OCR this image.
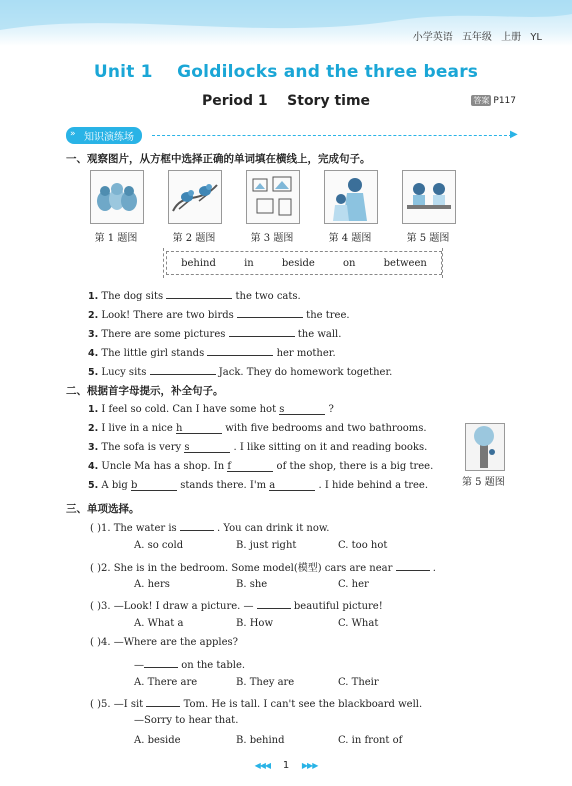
小学英语 五年级 上册 YL
Unit 1    Goldilocks and the three bears
Period 1    Story time	答案 P117
» 知识演练场	▶
一、观察图片，从方框中选择正确的单词填在横线上，完成句子。
第 1 题图	第 2 题图	第 3 题图	第 4 题图	第 5 题图
behind	in	beside	on	between
1. The dog sits	the two cats.
2. Look! There are two birds	the tree.
3. There are some pictures	the wall.
4. The little girl stands	her mother.
5. Lucy sits	Jack. They do homework together.
二、根据首字母提示，补全句子。
1. I feel so cold. Can I have some hot s	?
2. I live in a nice h	with five bedrooms and two bathrooms.
3. The sofa is very s	. I like sitting on it and reading books.
4. Uncle Ma has a shop. In f	of the shop, there is a big tree.
5. A big b	stands there. I'm a	. I hide behind a tree.	第 5 题图
三、单项选择。
( )1. The water is	. You can drink it now.
A. so cold	B. just right	C. too hot
( )2. She is in the bedroom. Some model(模型) cars are near	.
A. hers	B. she	C. her
( )3. —Look! I draw a picture. —	beautiful picture!
A. What a	B. How	C. What
( )4. —Where are the apples?
—	on the table.
A. There are	B. They are	C. Their
( )5. —I sit	Tom. He is tall. I can't see the blackboard well.
—Sorry to hear that.
A. beside	B. behind	C. in front of
◀◀◀ 1 ▶▶▶
